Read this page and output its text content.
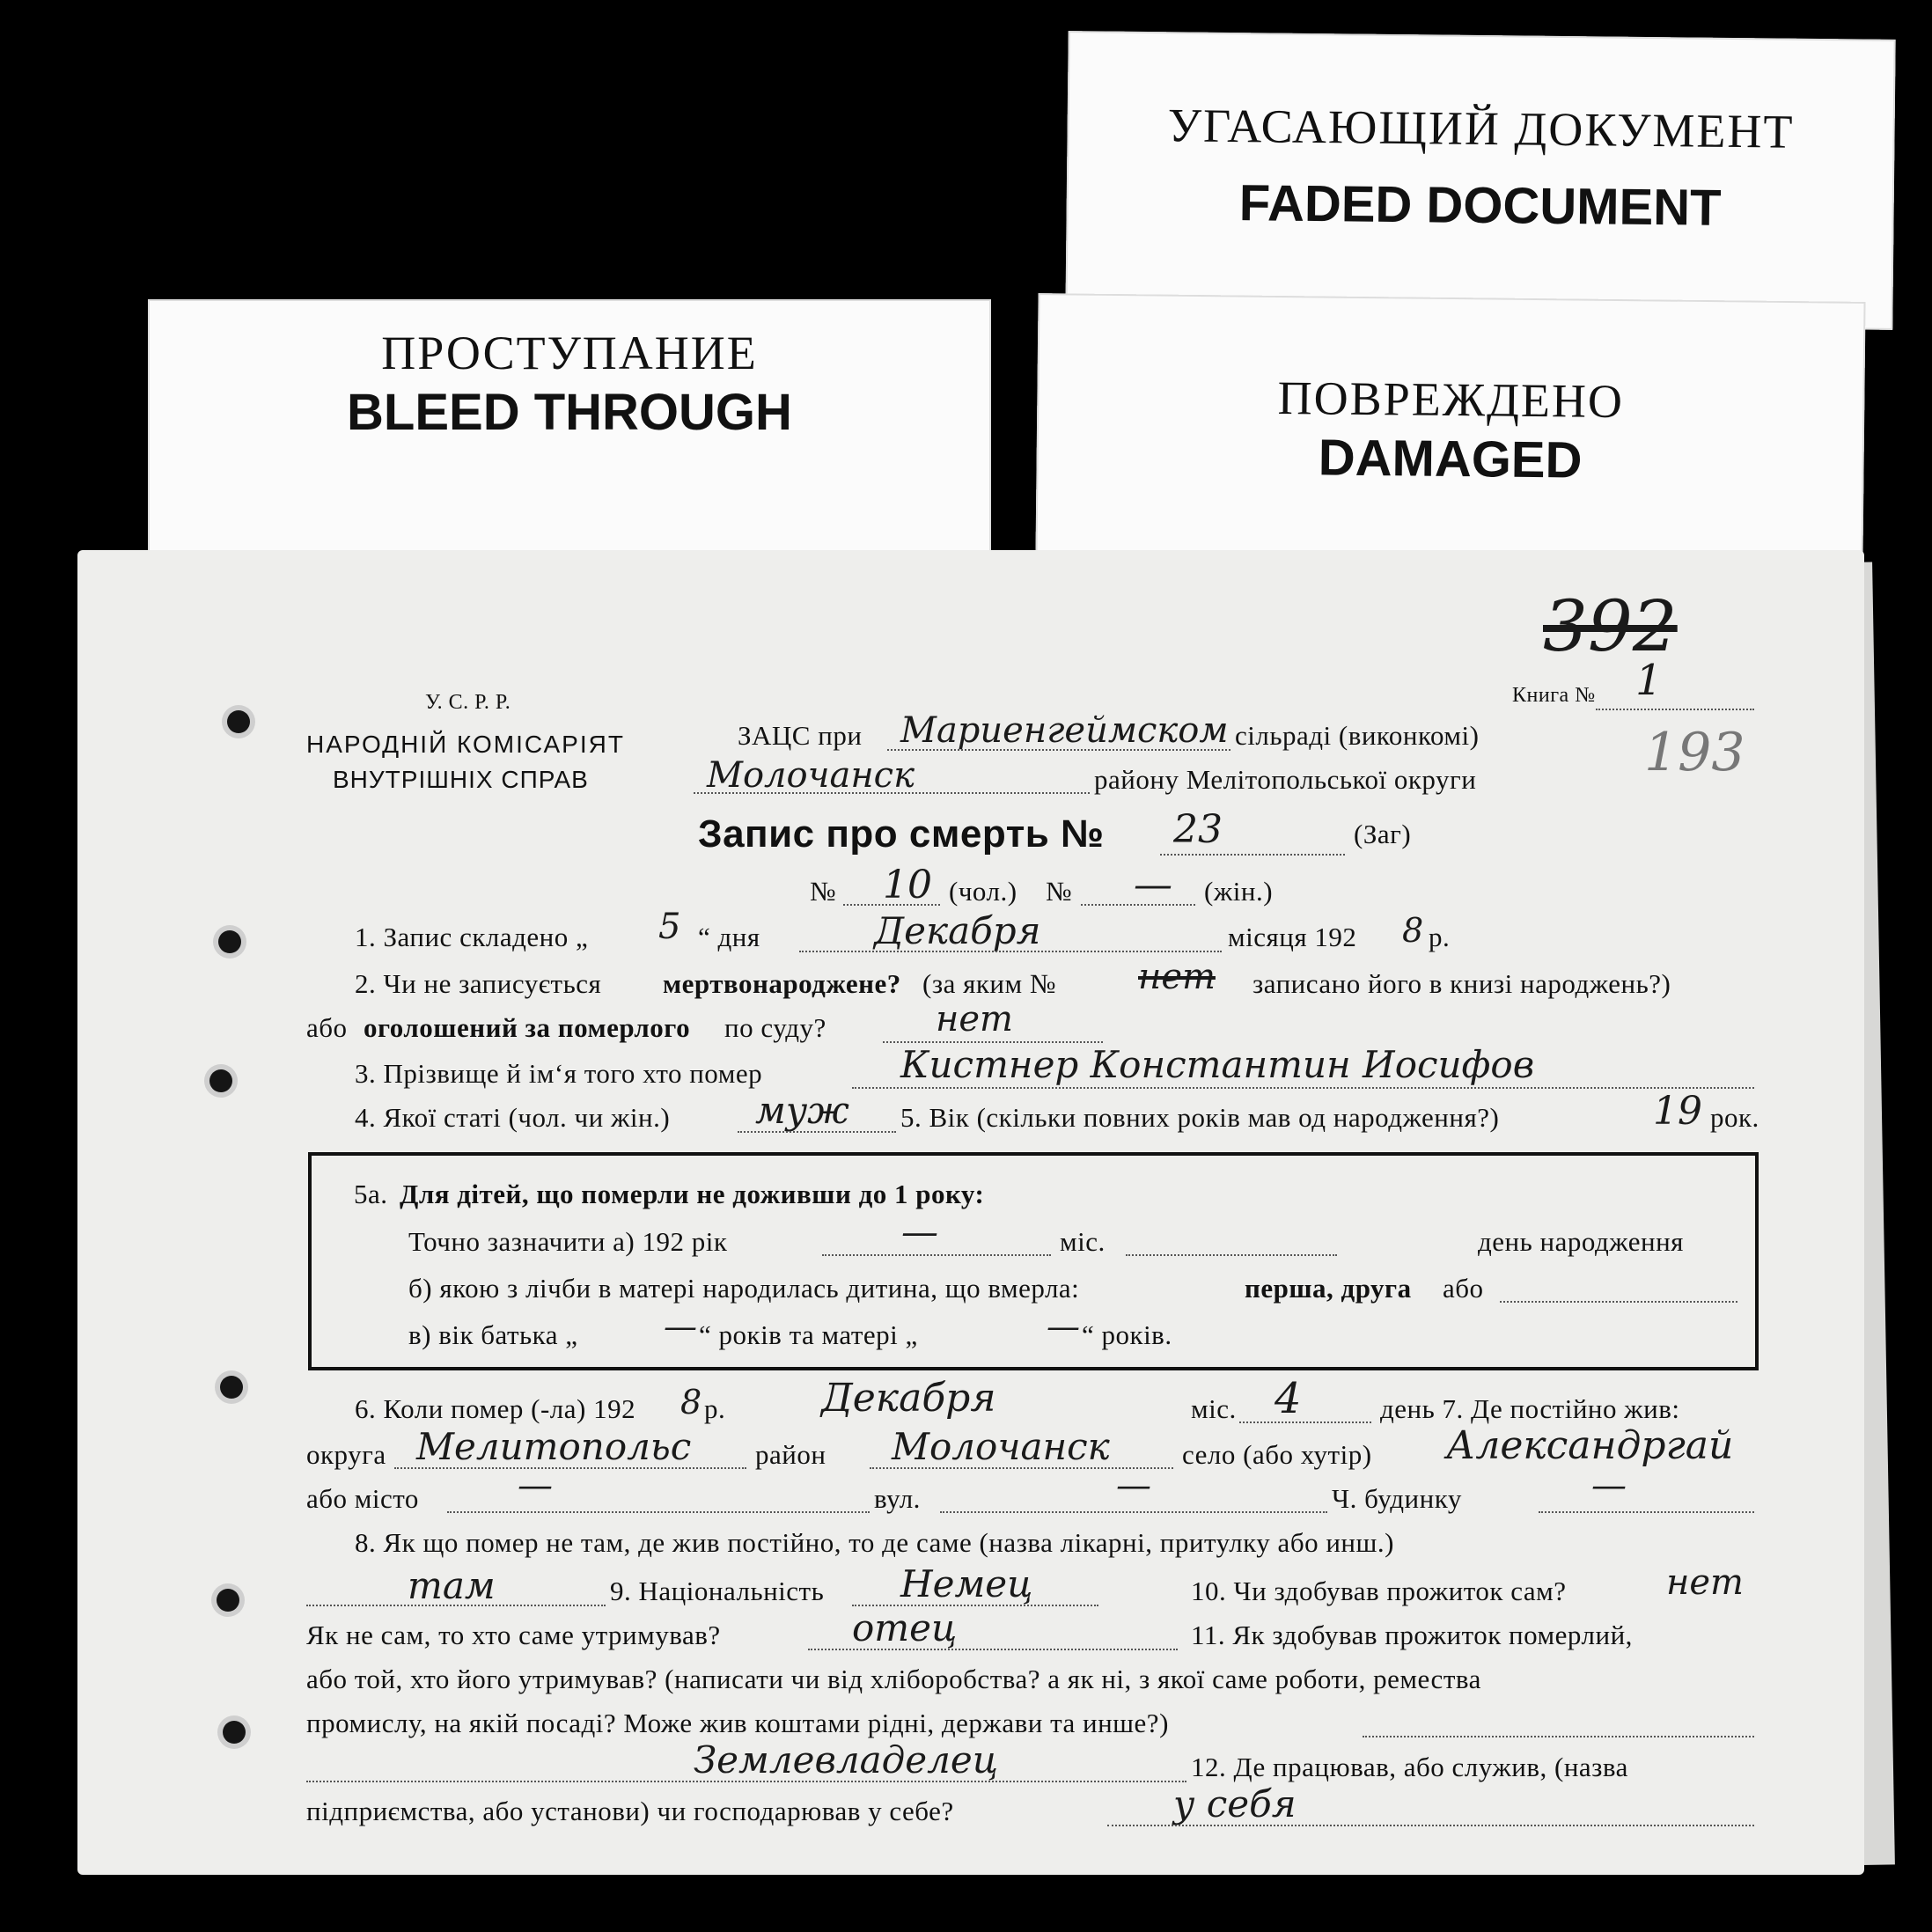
УГАСАЮЩИЙ ДОКУМЕНТ
FADED DOCUMENT
ПРОСТУПАНИЕ
BLEED THROUGH	ПОВРЕЖДЕНО
DAMAGED
392
193
У. С. Р. Р.
НАРОДНІЙ КОМІСАРІЯТ
ВНУТРІШНІХ СПРАВ
Книга № 1
ЗАЦС при Мариенгеймском сільраді (виконкомі)
Молочанск	району Мелітопольської округи
Запис про смерть № 23	(Заг)
№ 10 (чол.) № — (жін.)
1. Запис складено „ 5 “ дня	Декабря	місяця 192 8 р.
2. Чи не записується мертвонароджене? (за яким № нет записано його в книзі народжень?)
або оголошений за померлого по суду?	нет
3. Прізвище й ім‘я того хто помер	Кистнер Константин Иосифов
4. Якої статі (чол. чи жін.) муж 5. Вік (скільки повних років мав од народження?)	19 рок.
5а. Для дітей, що померли не доживши до 1 року:
Точно зазначити а) 192 рік	—	міс.	день народження
б) якою з лічби в матері народилась дитина, що вмерла:	перша, друга або
в) вік батька „	— “ років та матері „	— “ років.
6. Коли помер (-ла) 192 8 р. Декабря	міс. 4	день 7. Де постійно жив:
округа Мелитопольс район Молочанск	село (або хутір) Александргай
або місто	—	вул.	—	Ч. будинку	—
8. Як що помер не там, де жив постійно, то де саме (назва лікарні, притулку або инш.)
там	9. Національність Немец	10. Чи здобував прожиток сам?	нет
Як не сам, то хто саме утримував?	отец	11. Як здобував прожиток померлий,
або той, хто його утримував? (написати чи від хліборобства? а як ні, з якої саме роботи, ремества
промислу, на якій посаді? Може жив коштами рідні, держави та инше?)
Землевладелец	12. Де працював, або служив, (назва
підприємства, або установи) чи господарював у себе?	у себя
